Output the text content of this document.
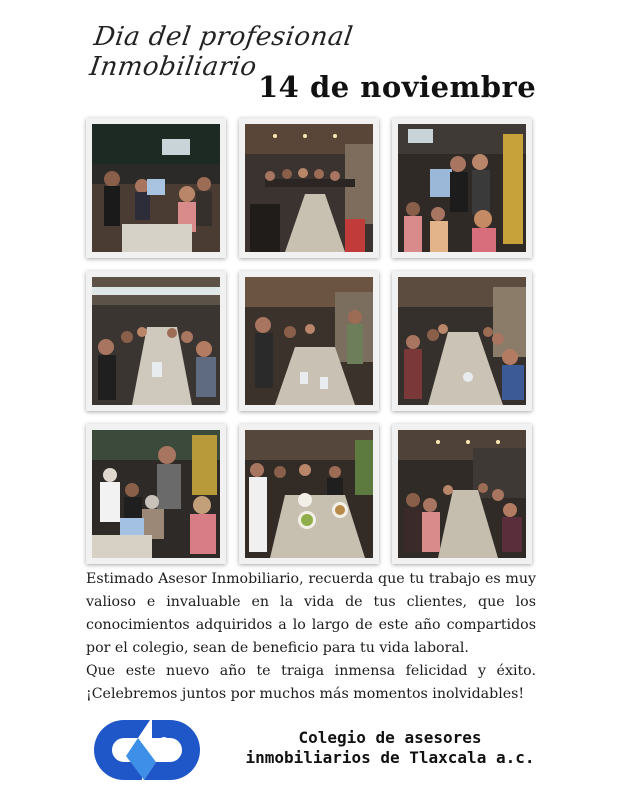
Dia del profesional Inmobiliario
14 de noviembre

Estimado Asesor Inmobiliario, recuerda que tu trabajo es muy valioso e invaluable en la vida de tus clientes, que los conocimientos adquiridos a lo largo de este año compartidos por el colegio, sean de beneficio para tu vida laboral.

Que este nuevo año te traiga inmensa felicidad y éxito. ¡Celebremos juntos por muchos más momentos inolvidables!

Colegio de asesores
inmobiliarios de Tlaxcala a.c.
